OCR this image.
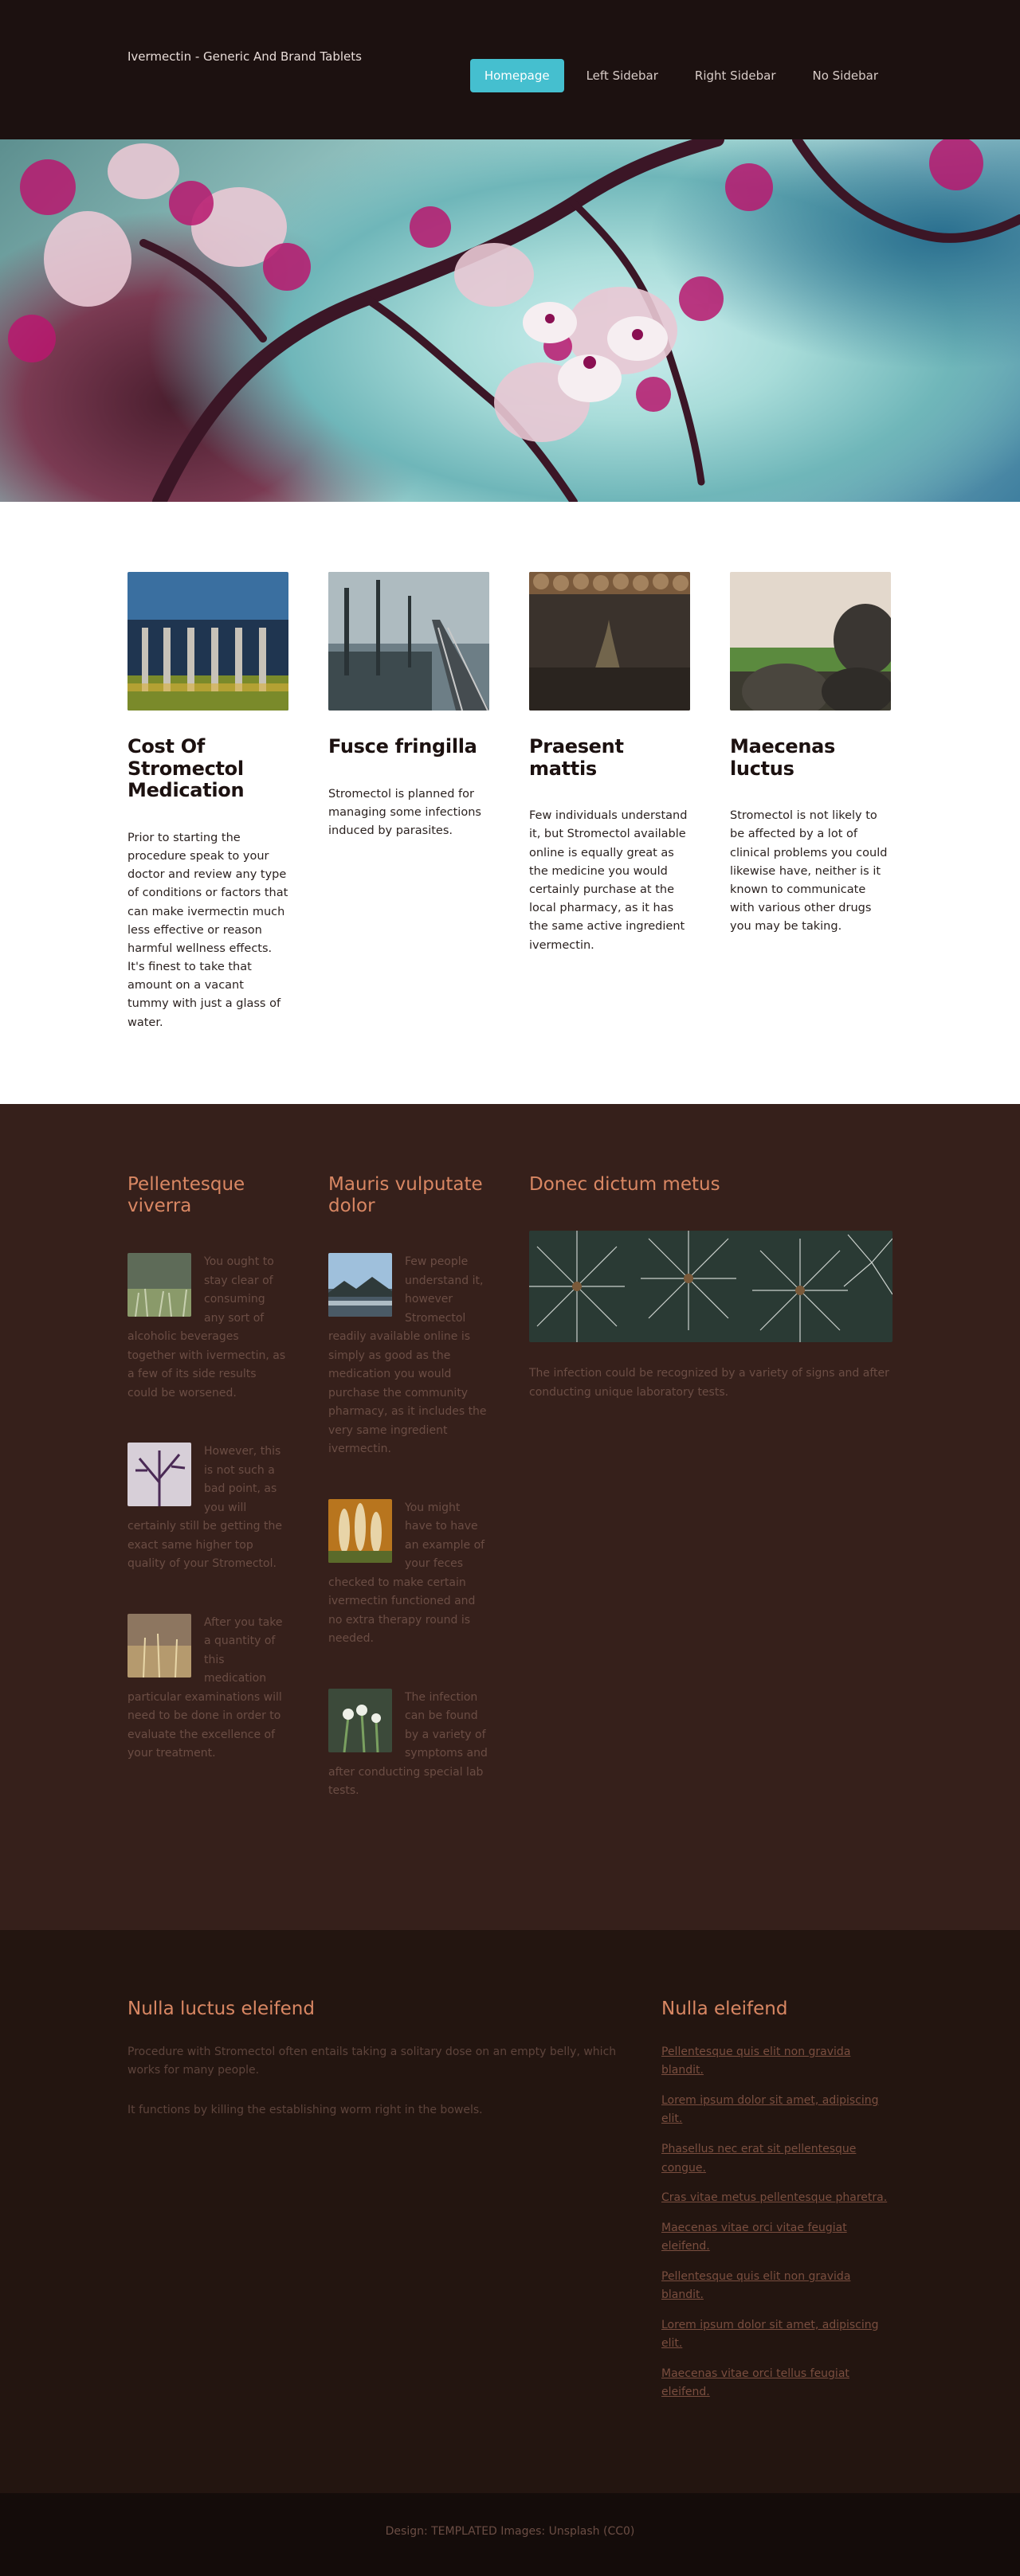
Ivermectin - Generic And Brand Tablets
Homepage	Left Sidebar	Right Sidebar	No Sidebar
Cost Of Stromectol Medication

Prior to starting the procedure speak to your doctor and review any type of conditions or factors that can make ivermectin much less effective or reason harmful wellness effects. It's finest to take that amount on a vacant tummy with just a glass of water.

Fusce fringilla

Stromectol is planned for managing some infections induced by parasites.

Praesent mattis

Few individuals understand it, but Stromectol available online is equally great as the medicine you would certainly purchase at the local pharmacy, as it has the same active ingredient ivermectin.

Maecenas luctus

Stromectol is not likely to be affected by a lot of clinical problems you could likewise have, neither is it known to communicate with various other drugs you may be taking.

Pellentesque viverra
You ought to stay clear of consuming any sort of alcoholic beverages together with ivermectin, as a few of its side results could be worsened.
However, this is not such a bad point, as you will certainly still be getting the exact same higher top quality of your Stromectol.
After you take a quantity of this medication particular examinations will need to be done in order to evaluate the excellence of your treatment.
Mauris vulputate dolor
Few people understand it, however Stromectol readily available online is simply as good as the medication you would purchase the community pharmacy, as it includes the very same ingredient ivermectin.
You might have to have an example of your feces checked to make certain ivermectin functioned and no extra therapy round is needed.
The infection can be found by a variety of symptoms and after conducting special lab tests.
Donec dictum metus

The infection could be recognized by a variety of signs and after conducting unique laboratory tests.

Nulla luctus eleifend

Procedure with Stromectol often entails taking a solitary dose on an empty belly, which works for many people.

It functions by killing the establishing worm right in the bowels.

Nulla eleifend
Pellentesque quis elit non gravida blandit.
Lorem ipsum dolor sit amet, adipiscing elit.
Phasellus nec erat sit pellentesque congue.
Cras vitae metus pellentesque pharetra.
Maecenas vitae orci vitae feugiat eleifend.
Pellentesque quis elit non gravida blandit.
Lorem ipsum dolor sit amet, adipiscing elit.
Maecenas vitae orci tellus feugiat eleifend.
Design: TEMPLATED Images: Unsplash (CC0)
